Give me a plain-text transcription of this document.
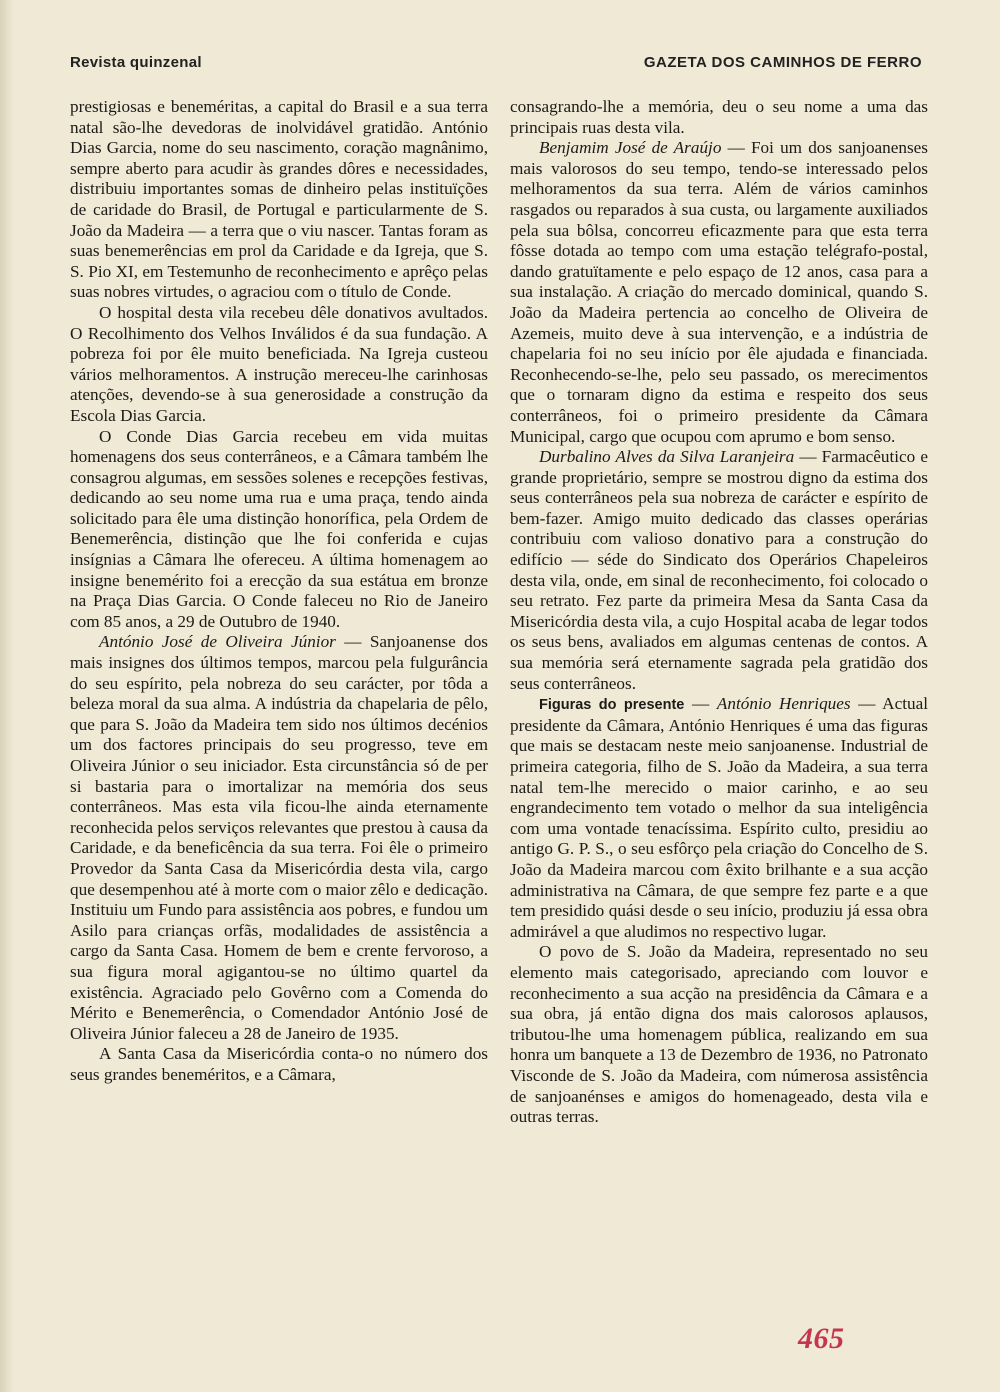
Revista quinzenal	GAZETA DOS CAMINHOS DE FERRO

prestigiosas e beneméritas, a capital do Brasil e a sua terra natal são-lhe devedoras de inolvidável gratidão. António Dias Garcia, nome do seu nascimento, coração magnânimo, sempre aberto para acudir às grandes dôres e necessidades, distribuiu importantes somas de dinheiro pelas instituïções de caridade do Brasil, de Portugal e particularmente de S. João da Madeira — a terra que o viu nascer. Tantas foram as suas benemerências em prol da Caridade e da Igreja, que S. S. Pio XI, em Testemunho de reconhecimento e aprêço pelas suas nobres virtudes, o agraciou com o título de Conde.

O hospital desta vila recebeu dêle donativos avultados. O Recolhimento dos Velhos Inválidos é da sua fundação. A pobreza foi por êle muito beneficiada. Na Igreja custeou vários melhoramentos. A instrução mereceu-lhe carinhosas atenções, devendo-se à sua generosidade a construção da Escola Dias Garcia.

O Conde Dias Garcia recebeu em vida muitas homenagens dos seus conterrâneos, e a Câmara também lhe consagrou algumas, em sessões solenes e recepções festivas, dedicando ao seu nome uma rua e uma praça, tendo ainda solicitado para êle uma distinção honorífica, pela Ordem de Benemerência, distinção que lhe foi conferida e cujas insígnias a Câmara lhe ofereceu. A última homenagem ao insigne benemérito foi a erecção da sua estátua em bronze na Praça Dias Garcia. O Conde faleceu no Rio de Janeiro com 85 anos, a 29 de Outubro de 1940.

António José de Oliveira Júnior — Sanjoanense dos mais insignes dos últimos tempos, marcou pela fulgurância do seu espírito, pela nobreza do seu carácter, por tôda a beleza moral da sua alma. A indústria da chapelaria de pêlo, que para S. João da Madeira tem sido nos últimos decénios um dos factores principais do seu progresso, teve em Oliveira Júnior o seu iniciador. Esta circunstância só de per si bastaria para o imortalizar na memória dos seus conterrâneos. Mas esta vila ficou-lhe ainda eternamente reconhecida pelos serviços relevantes que prestou à causa da Caridade, e da beneficência da sua terra. Foi êle o primeiro Provedor da Santa Casa da Misericórdia desta vila, cargo que desempenhou até à morte com o maior zêlo e dedicação. Instituiu um Fundo para assistência aos pobres, e fundou um Asilo para crianças orfãs, modalidades de assistência a cargo da Santa Casa. Homem de bem e crente fervoroso, a sua figura moral agigantou-se no último quartel da existência. Agraciado pelo Govêrno com a Comenda do Mérito e Benemerência, o Comendador António José de Oliveira Júnior faleceu a 28 de Janeiro de 1935.

A Santa Casa da Misericórdia conta-o no número dos seus grandes beneméritos, e a Câmara,

consagrando-lhe a memória, deu o seu nome a uma das principais ruas desta vila.

Benjamim José de Araújo — Foi um dos sanjoanenses mais valorosos do seu tempo, tendo-se interessado pelos melhoramentos da sua terra. Além de vários caminhos rasgados ou reparados à sua custa, ou largamente auxiliados pela sua bôlsa, concorreu eficazmente para que esta terra fôsse dotada ao tempo com uma estação telégrafo-postal, dando gratuïtamente e pelo espaço de 12 anos, casa para a sua instalação. A criação do mercado dominical, quando S. João da Madeira pertencia ao concelho de Oliveira de Azemeis, muito deve à sua intervenção, e a indústria de chapelaria foi no seu início por êle ajudada e financiada. Reconhecendo-se-lhe, pelo seu passado, os merecimentos que o tornaram digno da estima e respeito dos seus conterrâneos, foi o primeiro presidente da Câmara Municipal, cargo que ocupou com aprumo e bom senso.

Durbalino Alves da Silva Laranjeira — Farmacêutico e grande proprietário, sempre se mostrou digno da estima dos seus conterrâneos pela sua nobreza de carácter e espírito de bem-fazer. Amigo muito dedicado das classes operárias contribuiu com valioso donativo para a construção do edifício — séde do Sindicato dos Operários Chapeleiros desta vila, onde, em sinal de reconhecimento, foi colocado o seu retrato. Fez parte da primeira Mesa da Santa Casa da Misericórdia desta vila, a cujo Hospital acaba de legar todos os seus bens, avaliados em algumas centenas de contos. A sua memória será eternamente sagrada pela gratidão dos seus conterrâneos.

Figuras do presente — António Henriques — Actual presidente da Câmara, António Henriques é uma das figuras que mais se destacam neste meio sanjoanense. Industrial de primeira categoria, filho de S. João da Madeira, a sua terra natal tem-lhe merecido o maior carinho, e ao seu engrandecimento tem votado o melhor da sua inteligência com uma vontade tenacíssima. Espírito culto, presidiu ao antigo G. P. S., o seu esfôrço pela criação do Concelho de S. João da Madeira marcou com êxito brilhante e a sua acção administrativa na Câmara, de que sempre fez parte e a que tem presidido quási desde o seu início, produziu já essa obra admirável a que aludimos no respectivo lugar.

O povo de S. João da Madeira, representado no seu elemento mais categorisado, apreciando com louvor e reconhecimento a sua acção na presidência da Câmara e a sua obra, já então digna dos mais calorosos aplausos, tributou-lhe uma homenagem pública, realizando em sua honra um banquete a 13 de Dezembro de 1936, no Patronato Visconde de S. João da Madeira, com númerosa assistência de sanjoanénses e amigos do homenageado, desta vila e outras terras.

465
